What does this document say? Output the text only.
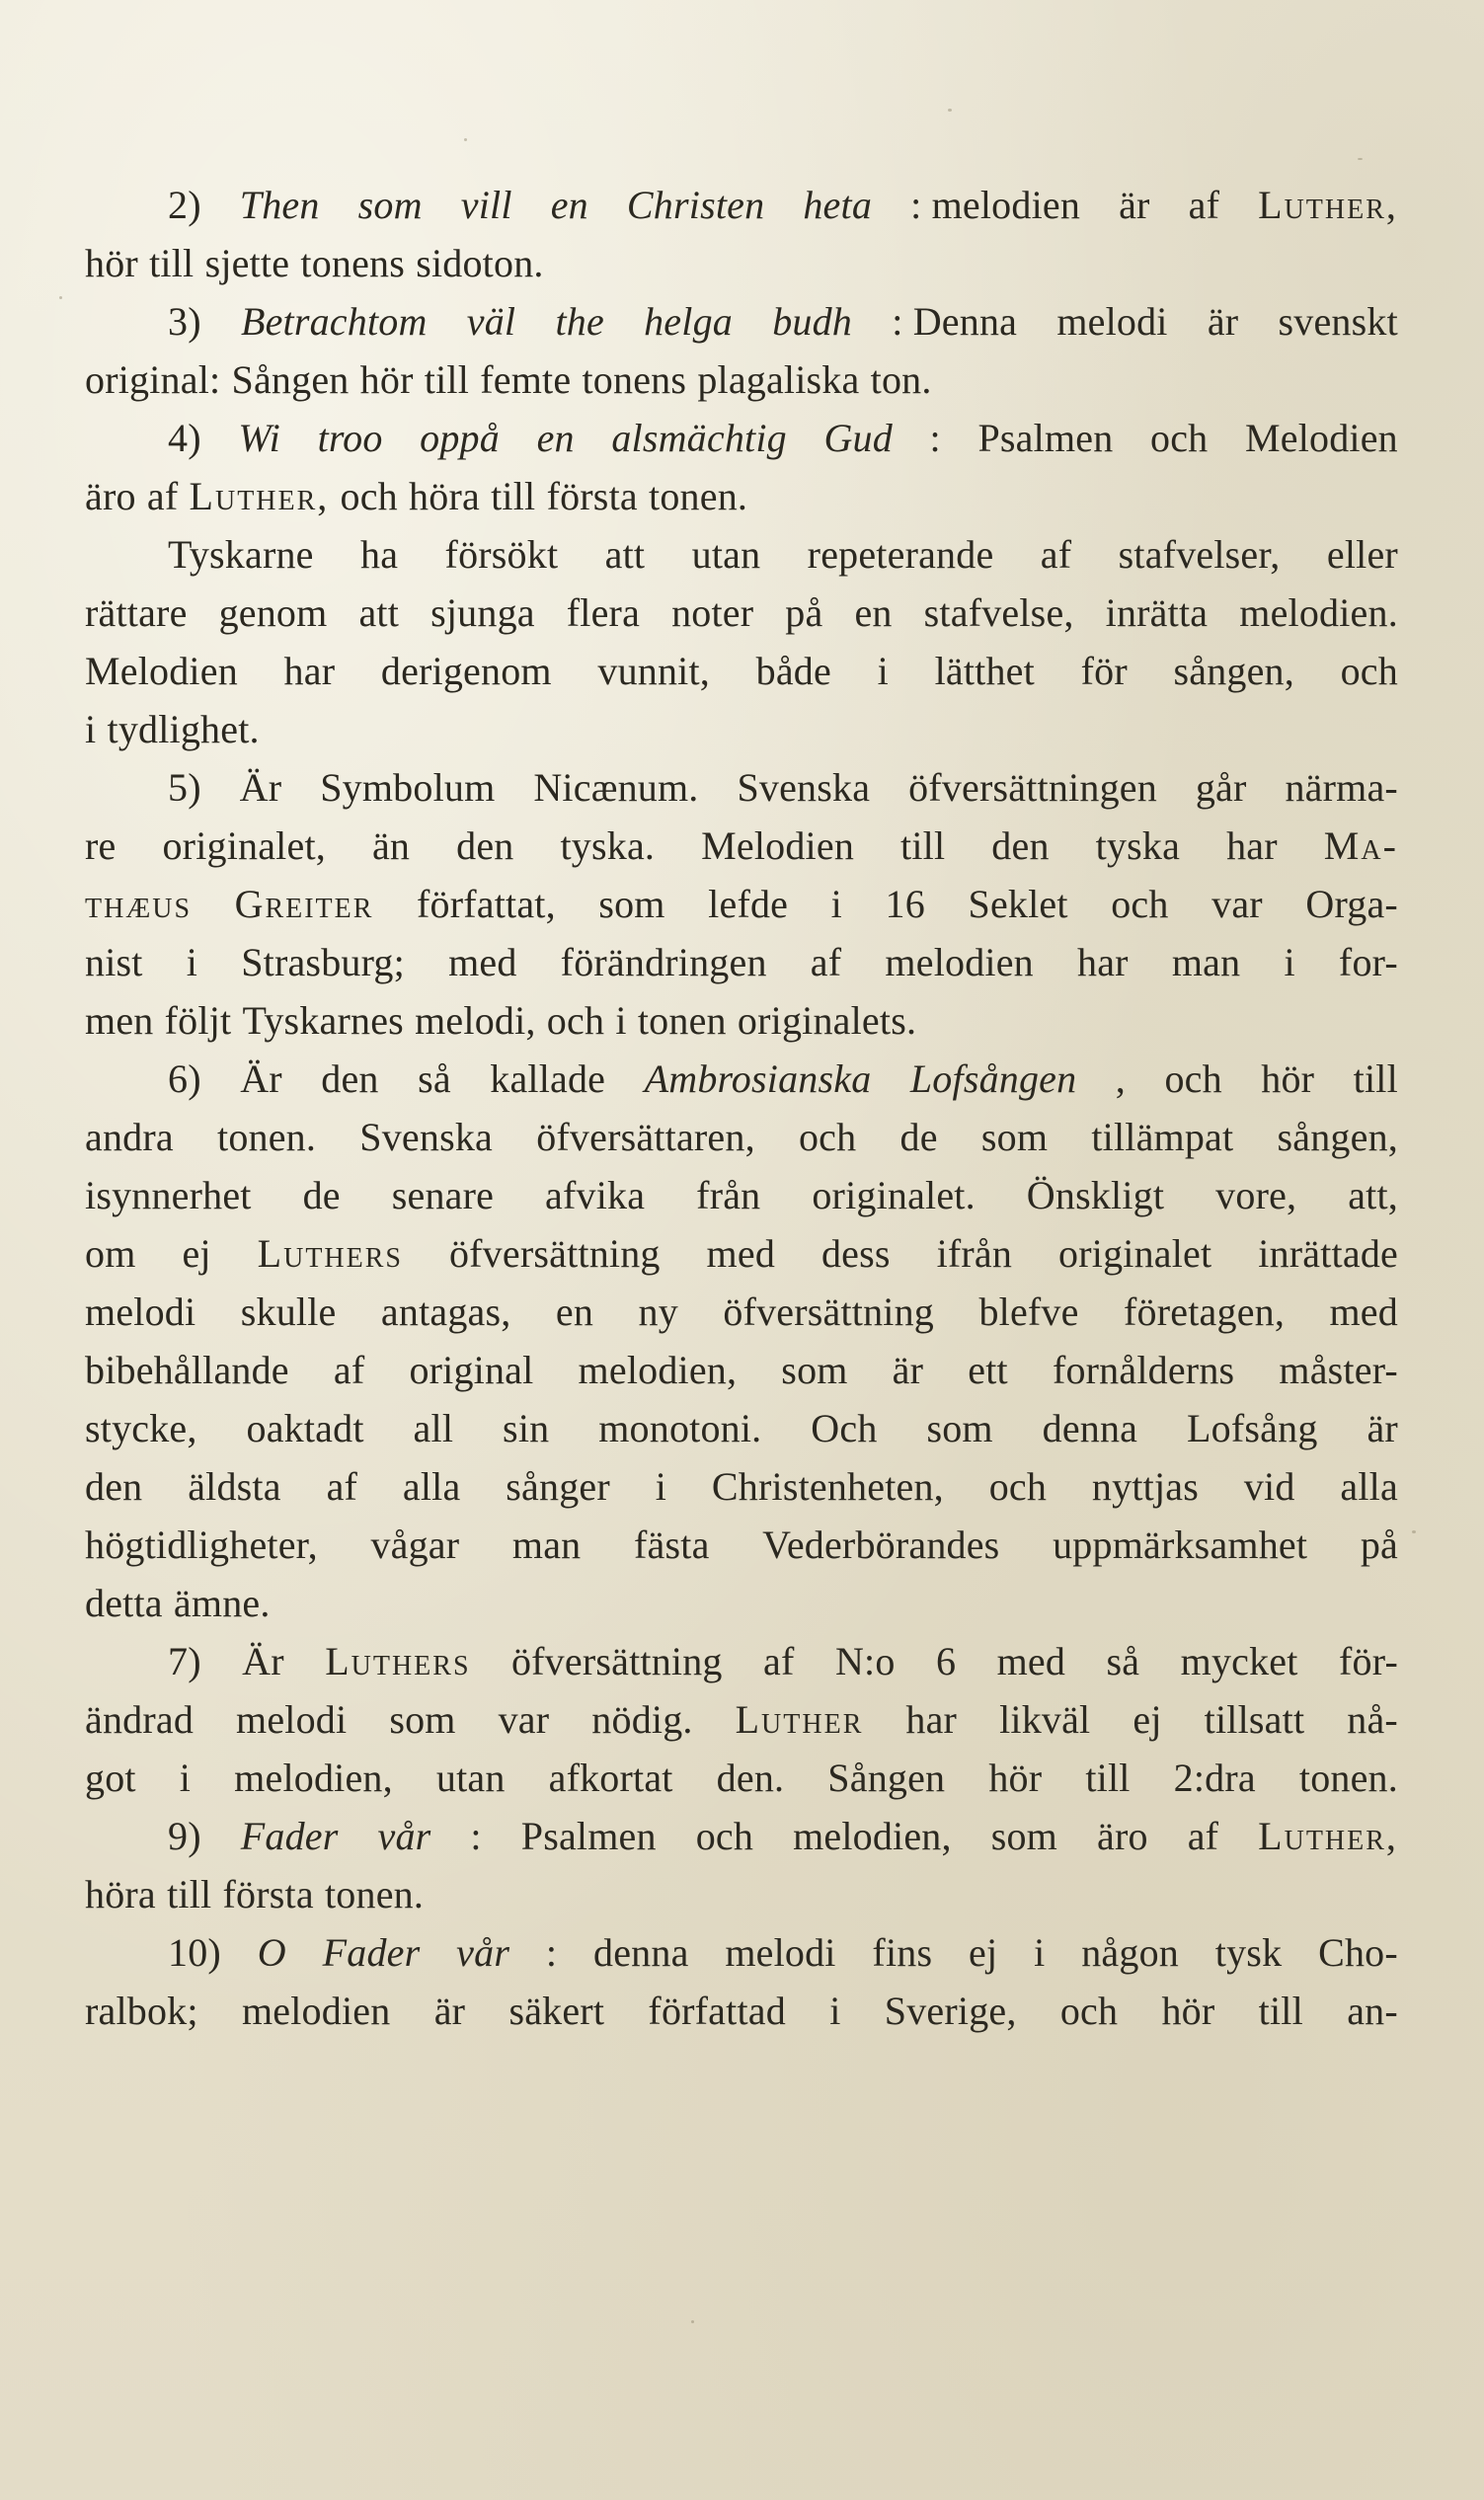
2) Then som vill en Christen heta : melodien är af Luther,
hör till sjette tonens sidoton.
3) Betrachtom väl the helga budh : Denna melodi är svenskt
original: Sången hör till femte tonens plagaliska ton.
4) Wi troo oppå en alsmächtig Gud : Psalmen och Melodien
äro af Luther, och höra till första tonen.
Tyskarne ha försökt att utan repeterande af stafvelser, eller
rättare genom att sjunga flera noter på en stafvelse, inrätta melodien.
Melodien har derigenom vunnit, både i lätthet för sången, och
i tydlighet.
5) Är Symbolum Nicænum. Svenska öfversättningen går närma-
re originalet, än den tyska. Melodien till den tyska har Ma-
thæus Greiter författat, som lefde i 16 Seklet och var Orga-
nist i Strasburg; med förändringen af melodien har man i for-
men följt Tyskarnes melodi, och i tonen originalets.
6) Är den så kallade Ambrosianska Lofsången , och hör till
andra tonen. Svenska öfversättaren, och de som tillämpat sången,
isynnerhet de senare afvika från originalet. Önskligt vore, att,
om ej Luthers öfversättning med dess ifrån originalet inrättade
melodi skulle antagas, en ny öfversättning blefve företagen, med
bibehållande af original melodien, som är ett fornålderns måster-
stycke, oaktadt all sin monotoni. Och som denna Lofsång är
den äldsta af alla sånger i Christenheten, och nyttjas vid alla
högtidligheter, vågar man fästa Vederbörandes uppmärksamhet på
detta ämne.
7) Är Luthers öfversättning af N:o 6 med så mycket för-
ändrad melodi som var nödig. Luther har likväl ej tillsatt nå-
got i melodien, utan afkortat den. Sången hör till 2:dra tonen.
9) Fader vår : Psalmen och melodien, som äro af Luther,
höra till första tonen.
10) O Fader vår : denna melodi fins ej i någon tysk Cho-
ralbok; melodien är säkert författad i Sverige, och hör till an-
